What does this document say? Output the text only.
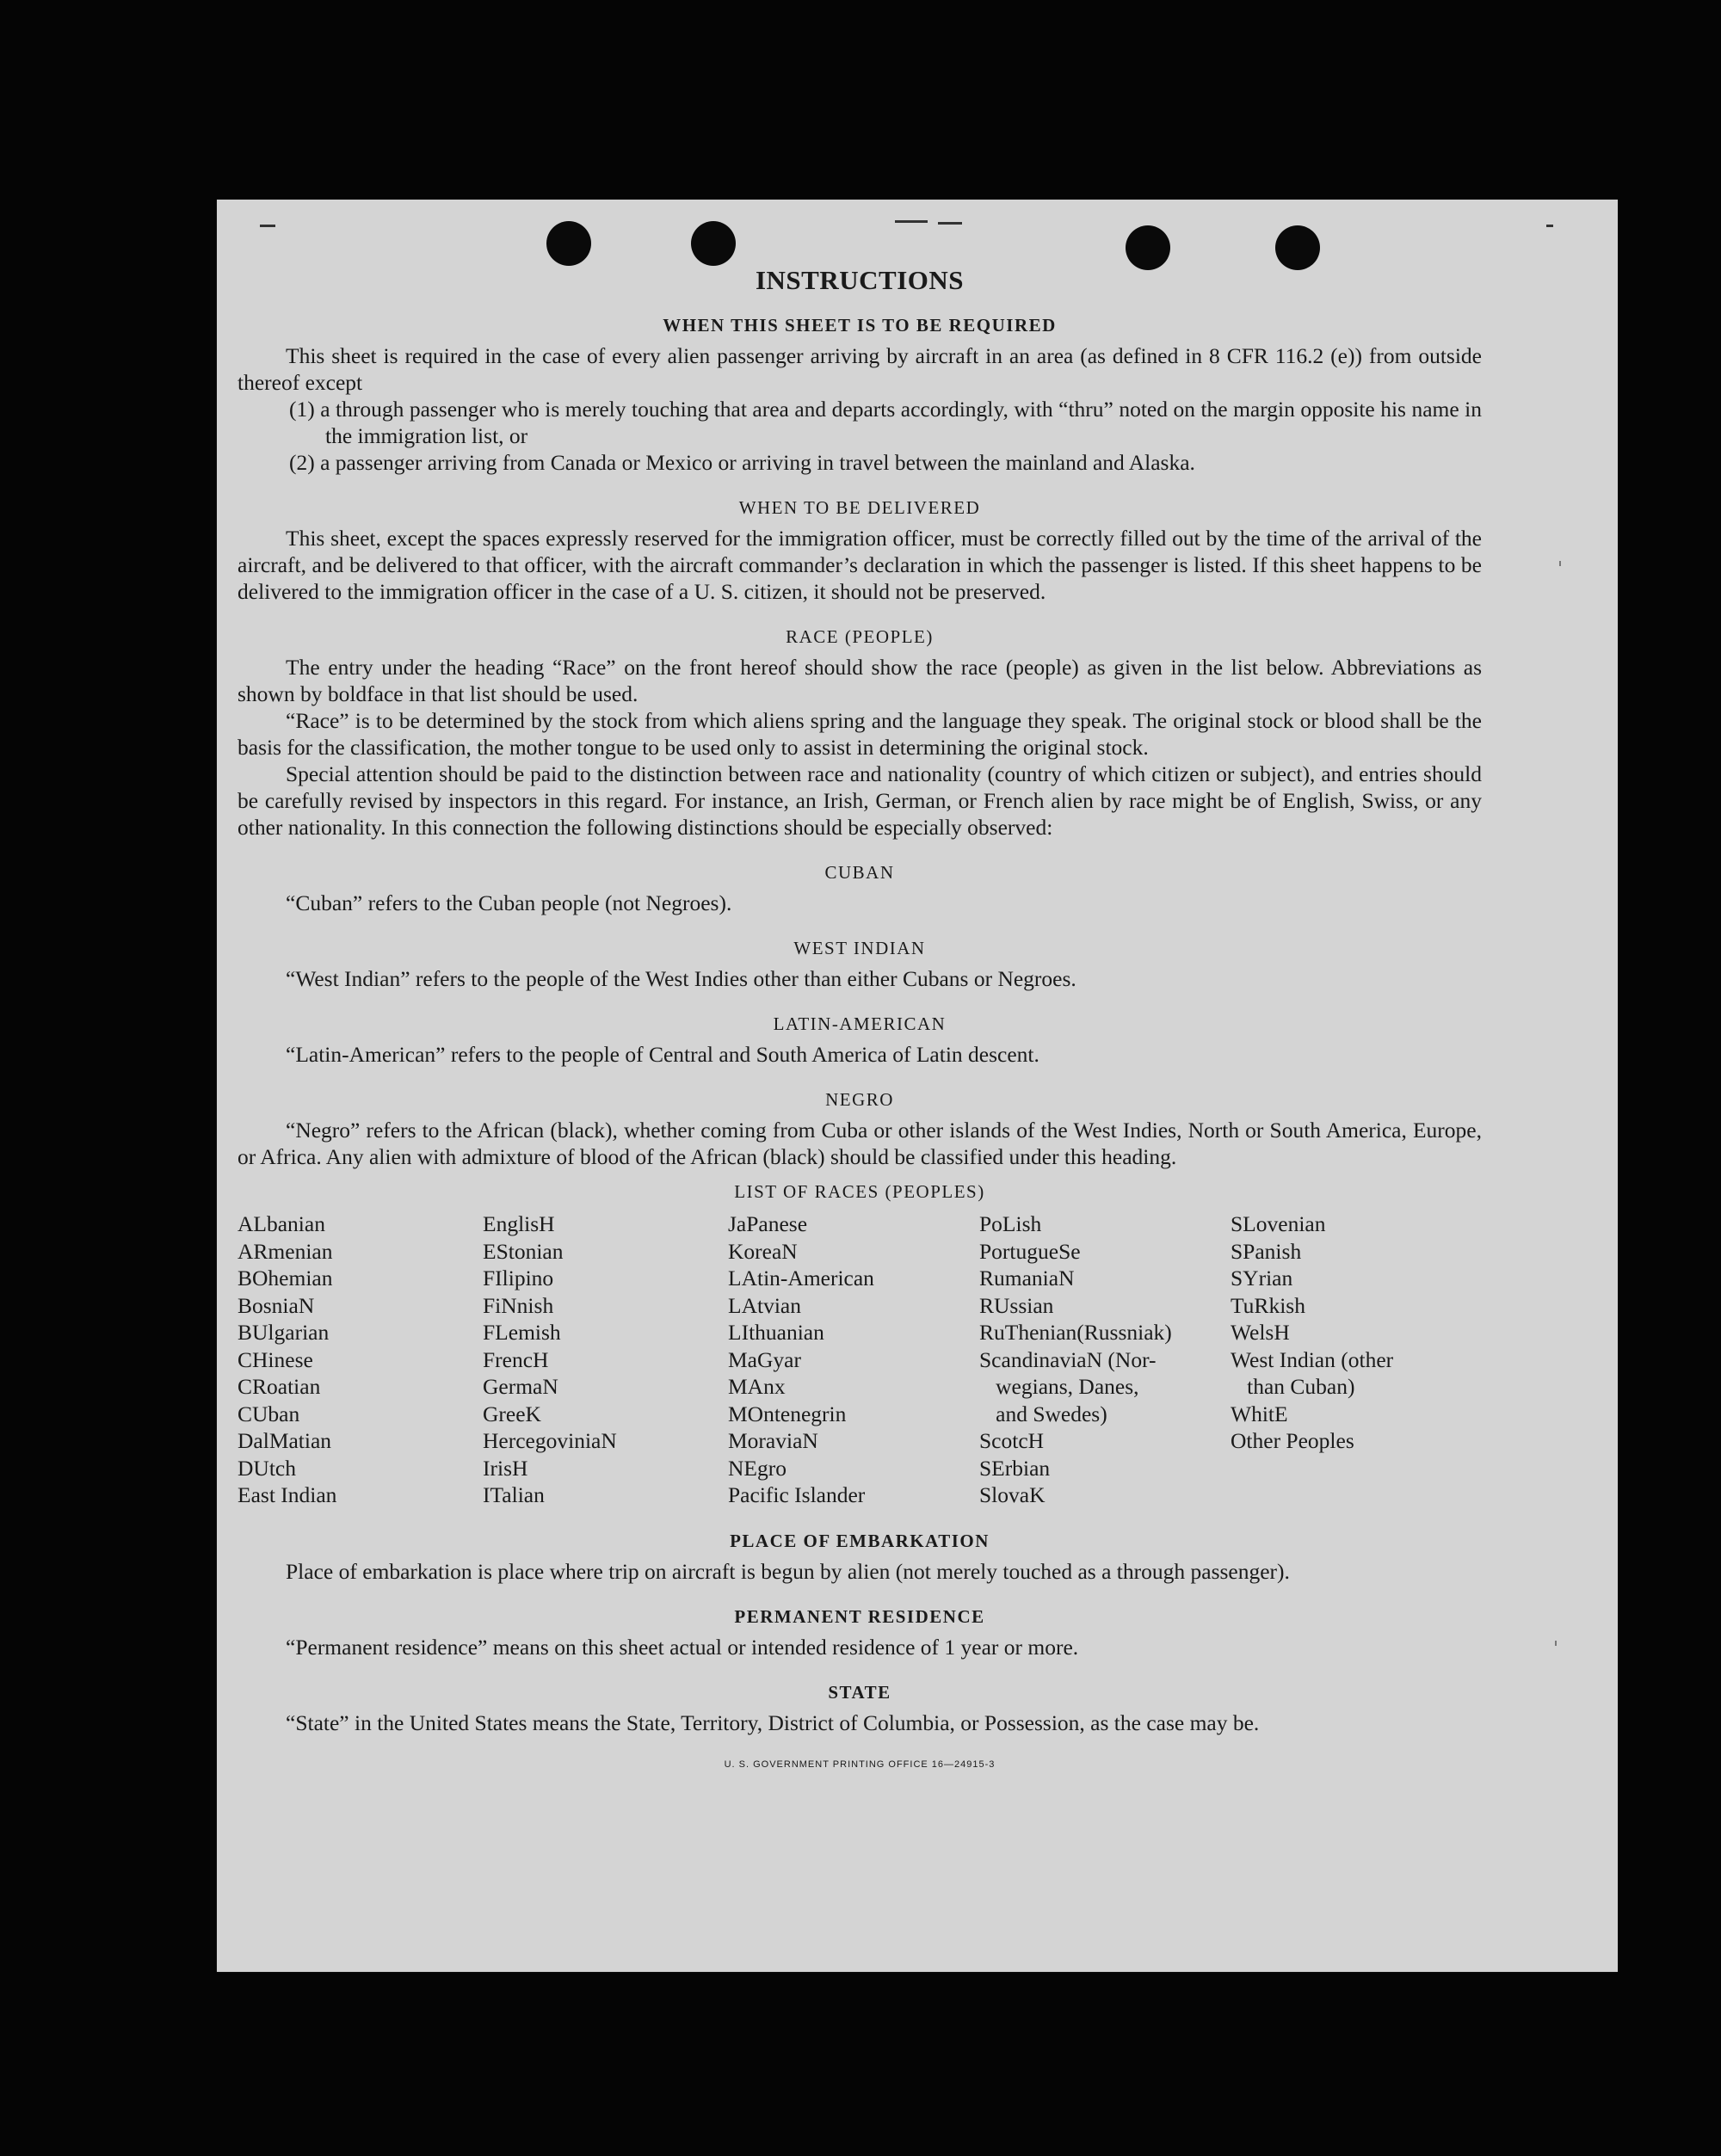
INSTRUCTIONS
WHEN THIS SHEET IS TO BE REQUIRED

This sheet is required in the case of every alien passenger arriving by aircraft in an area (as defined in 8 CFR 116.2 (e)) from outside thereof except

(1) a through passenger who is merely touching that area and departs accordingly, with “thru” noted on the margin opposite his name in the immigration list, or
(2) a passenger arriving from Canada or Mexico or arriving in travel between the mainland and Alaska.
WHEN TO BE DELIVERED

This sheet, except the spaces expressly reserved for the immigration officer, must be correctly filled out by the time of the arrival of the aircraft, and be delivered to that officer, with the aircraft commander’s declaration in which the passenger is listed. If this sheet happens to be delivered to the immigration officer in the case of a U. S. citizen, it should not be preserved.

RACE (PEOPLE)

The entry under the heading “Race” on the front hereof should show the race (people) as given in the list below. Abbreviations as shown by boldface in that list should be used.

“Race” is to be determined by the stock from which aliens spring and the language they speak. The original stock or blood shall be the basis for the classification, the mother tongue to be used only to assist in determining the original stock.

Special attention should be paid to the distinction between race and nationality (country of which citizen or subject), and entries should be carefully revised by inspectors in this regard. For instance, an Irish, German, or French alien by race might be of English, Swiss, or any other nationality. In this connection the following distinctions should be especially observed:

CUBAN

“Cuban” refers to the Cuban people (not Negroes).

WEST INDIAN

“West Indian” refers to the people of the West Indies other than either Cubans or Negroes.

LATIN-AMERICAN

“Latin-American” refers to the people of Central and South America of Latin descent.

NEGRO

“Negro” refers to the African (black), whether coming from Cuba or other islands of the West Indies, North or South America, Europe, or Africa. Any alien with admixture of blood of the African (black) should be classified under this heading.

LIST OF RACES (PEOPLES)
ALbanian
ARmenian
BOhemian
BosniaN
BUlgarian
CHinese
CRoatian
CUban
DalMatian
DUtch
East Indian
EnglisH
EStonian
FIlipino
FiNnish
FLemish
FrencH
GermaN
GreeK
HercegoviniaN
IrisH
ITalian
JaPanese
KoreaN
LAtin-American
LAtvian
LIthuanian
MaGyar
MAnx
MOntenegrin
MoraviaN
NEgro
Pacific Islander
PoLish
PortugueSe
RumaniaN
RUssian
RuThenian(Russniak)
ScandinaviaN (Nor-
wegians, Danes,
and Swedes)
ScotcH
SErbian
SlovaK
SLovenian
SPanish
SYrian
TuRkish
WelsH
West Indian (other
than Cuban)
WhitE
Other Peoples
PLACE OF EMBARKATION

Place of embarkation is place where trip on aircraft is begun by alien (not merely touched as a through passenger).

PERMANENT RESIDENCE

“Permanent residence” means on this sheet actual or intended residence of 1 year or more.

STATE

“State” in the United States means the State, Territory, District of Columbia, or Possession, as the case may be.

U. S. GOVERNMENT PRINTING OFFICE 16—24915-3
